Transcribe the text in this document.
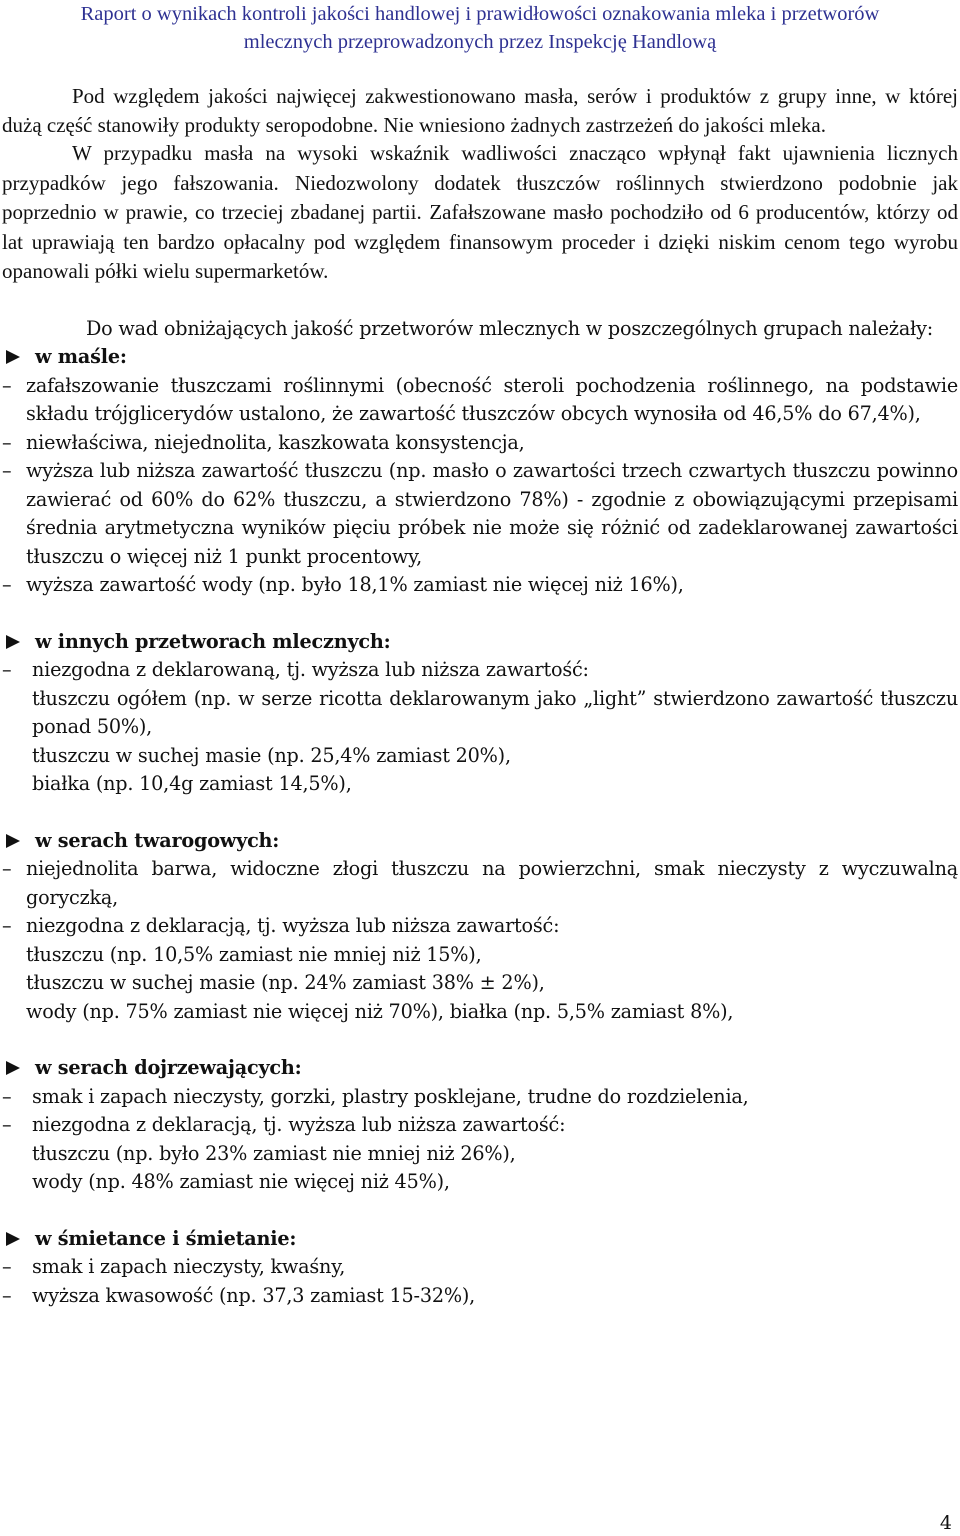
Raport o wynikach kontroli jakości handlowej i prawidłowości oznakowania mleka i przetworów
mlecznych przeprowadzonych przez Inspekcję Handlową

Pod względem jakości najwięcej zakwestionowano masła, serów i produktów z grupy inne, w której dużą część stanowiły produkty seropodobne. Nie wniesiono żadnych zastrzeżeń do jakości mleka.

W przypadku masła na wysoki wskaźnik wadliwości znacząco wpłynął fakt ujawnienia licznych przypadków jego fałszowania. Niedozwolony dodatek tłuszczów roślinnych stwierdzono podobnie jak poprzednio w prawie, co trzeciej zbadanej partii. Zafałszowane masło pochodziło od 6 producentów, którzy od lat uprawiają ten bardzo opłacalny pod względem finansowym proceder i dzięki niskim cenom tego wyrobu opanowali półki wielu supermarketów.

Do wad obniżających jakość przetworów mlecznych w poszczególnych grupach należały:

w maśle:

– zafałszowanie tłuszczami roślinnymi (obecność steroli pochodzenia roślinnego, na podstawie składu trójglicerydów ustalono, że zawartość tłuszczów obcych wynosiła od 46,5% do 67,4%),
– niewłaściwa, niejednolita, kaszkowata konsystencja,
– wyższa lub niższa zawartość tłuszczu (np. masło o zawartości trzech czwartych tłuszczu powinno zawierać od 60% do 62% tłuszczu, a stwierdzono 78%) - zgodnie z obowiązującymi przepisami średnia arytmetyczna wyników pięciu próbek nie może się różnić od zadeklarowanej zawartości tłuszczu o więcej niż 1 punkt procentowy,
– wyższa zawartość wody (np. było 18,1% zamiast nie więcej niż 16%),

w innych przetworach mlecznych:

– niezgodna z deklarowaną, tj. wyższa lub niższa zawartość:

tłuszczu ogółem (np. w serze ricotta deklarowanym jako „light” stwierdzono zawartość tłuszczu ponad 50%),

tłuszczu w suchej masie (np. 25,4% zamiast 20%),

białka (np. 10,4g zamiast 14,5%),

w serach twarogowych:

– niejednolita barwa, widoczne złogi tłuszczu na powierzchni, smak nieczysty z wyczuwalną goryczką,
– niezgodna z deklaracją, tj. wyższa lub niższa zawartość:

tłuszczu (np. 10,5% zamiast nie mniej niż 15%),

tłuszczu w suchej masie (np. 24% zamiast 38% ± 2%),

wody (np. 75% zamiast nie więcej niż 70%), białka (np. 5,5% zamiast 8%),

w serach dojrzewających:

– smak i zapach nieczysty, gorzki, plastry posklejane, trudne do rozdzielenia,
– niezgodna z deklaracją, tj. wyższa lub niższa zawartość:

tłuszczu (np. było 23% zamiast nie mniej niż 26%),

wody (np. 48% zamiast nie więcej niż 45%),

w śmietance i śmietanie:

– smak i zapach nieczysty, kwaśny,
– wyższa kwasowość (np. 37,3 zamiast 15-32%),
4
